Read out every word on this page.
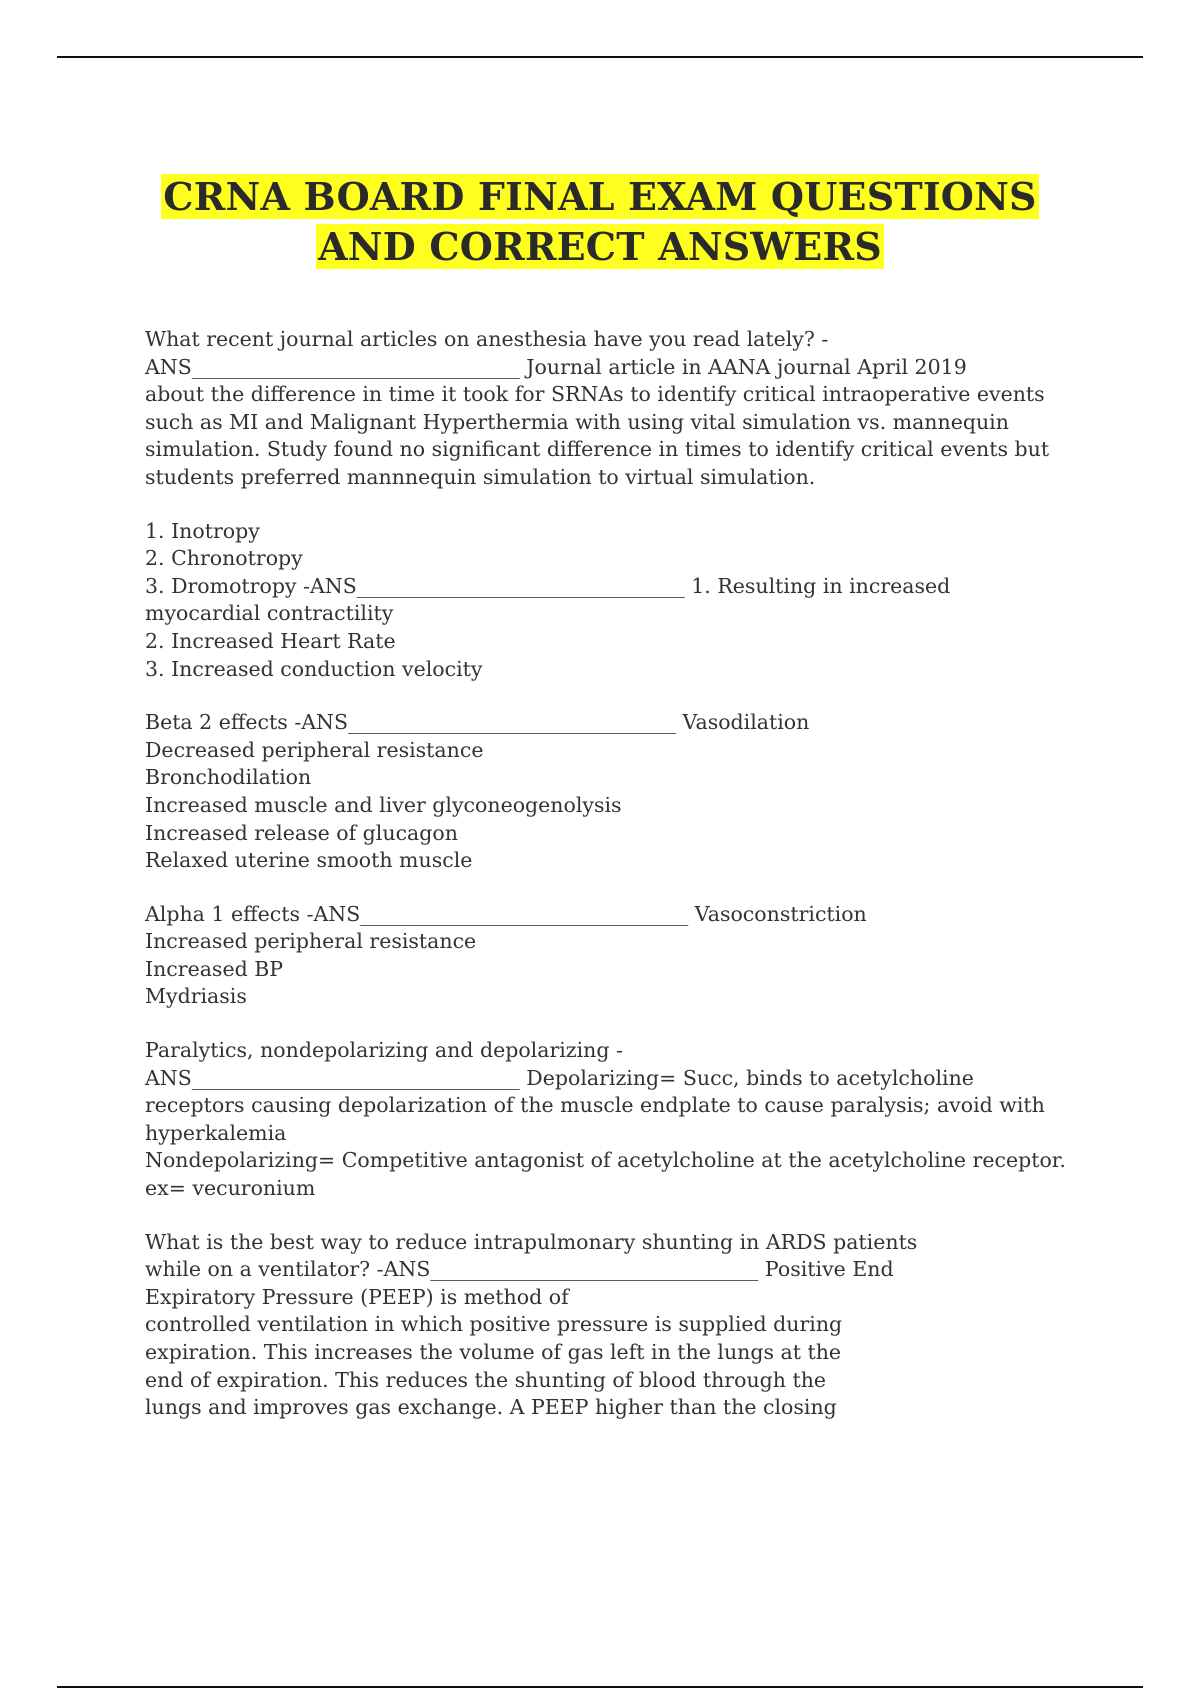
CRNA BOARD FINAL EXAM QUESTIONS
AND CORRECT ANSWERS
What recent journal articles on anesthesia have you read lately? -
ANS________________________________ Journal article in AANA journal April 2019
about the difference in time it took for SRNAs to identify critical intraoperative events
such as MI and Malignant Hyperthermia with using vital simulation vs. mannequin
simulation. Study found no significant difference in times to identify critical events but
students preferred mannnequin simulation to virtual simulation.
1. Inotropy
2. Chronotropy
3. Dromotropy -ANS________________________________ 1. Resulting in increased
myocardial contractility
2. Increased Heart Rate
3. Increased conduction velocity
Beta 2 effects -ANS________________________________ Vasodilation
Decreased peripheral resistance
Bronchodilation
Increased muscle and liver glyconeogenolysis
Increased release of glucagon
Relaxed uterine smooth muscle
Alpha 1 effects -ANS________________________________ Vasoconstriction
Increased peripheral resistance
Increased BP
Mydriasis
Paralytics, nondepolarizing and depolarizing -
ANS________________________________ Depolarizing= Succ, binds to acetylcholine
receptors causing depolarization of the muscle endplate to cause paralysis; avoid with
hyperkalemia
Nondepolarizing= Competitive antagonist of acetylcholine at the acetylcholine receptor.
ex= vecuronium
What is the best way to reduce intrapulmonary shunting in ARDS patients
while on a ventilator? -ANS________________________________ Positive End
Expiratory Pressure (PEEP) is method of
controlled ventilation in which positive pressure is supplied during
expiration. This increases the volume of gas left in the lungs at the
end of expiration. This reduces the shunting of blood through the
lungs and improves gas exchange. A PEEP higher than the closing
